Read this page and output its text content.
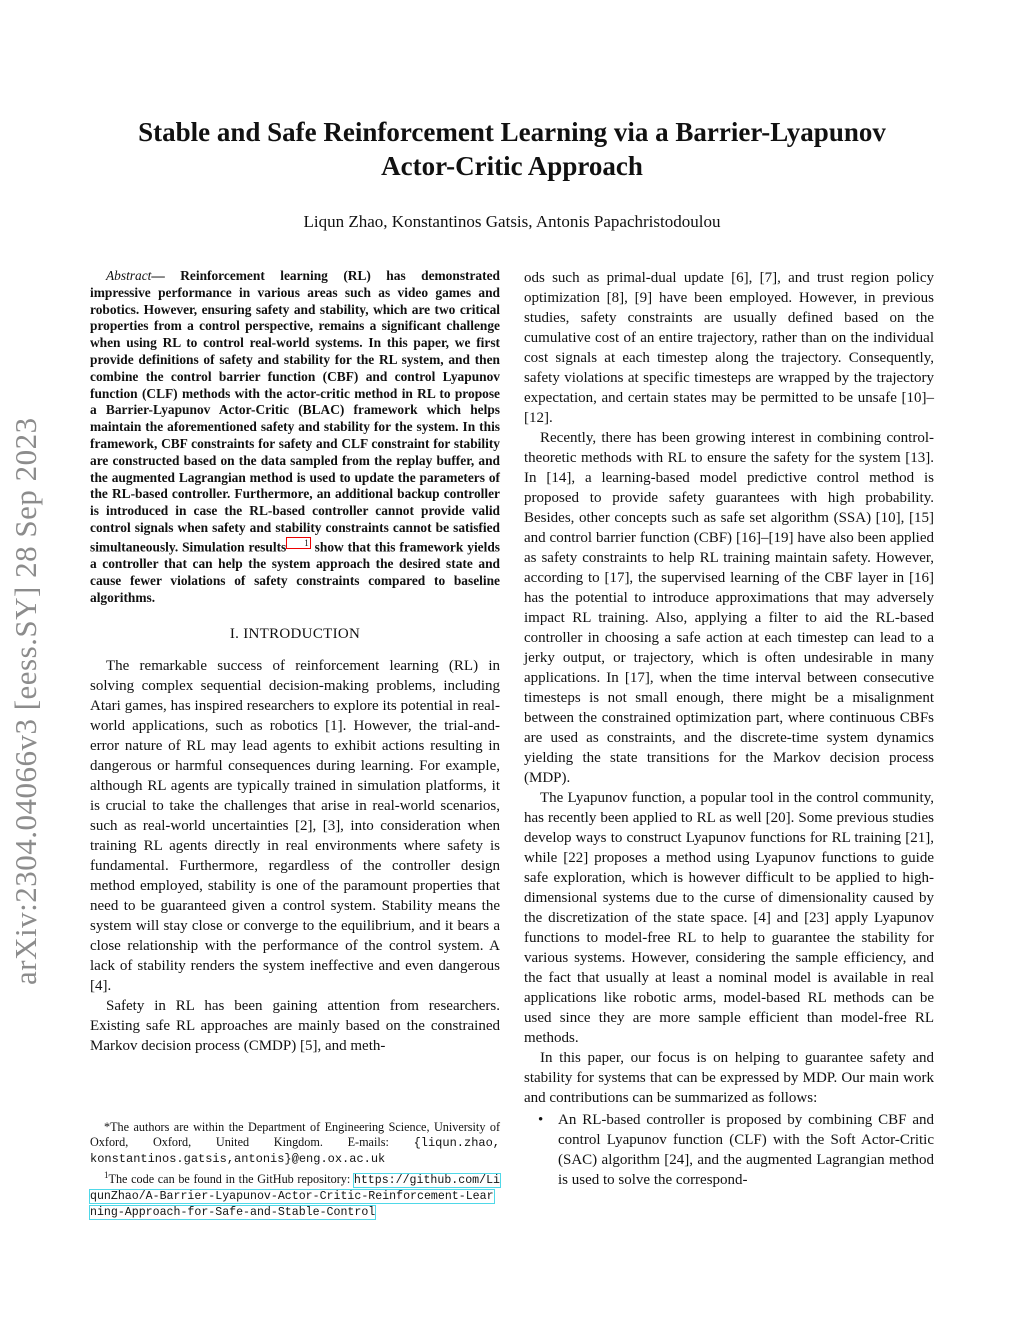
arXiv:2304.04066v3 [eess.SY] 28 Sep 2023
Stable and Safe Reinforcement Learning via a Barrier-Lyapunov
Actor-Critic Approach
Liqun Zhao, Konstantinos Gatsis, Antonis Papachristodoulou

Abstract— Reinforcement learning (RL) has demonstrated impressive performance in various areas such as video games and robotics. However, ensuring safety and stability, which are two critical properties from a control perspective, remains a significant challenge when using RL to control real-world systems. In this paper, we first provide definitions of safety and stability for the RL system, and then combine the control barrier function (CBF) and control Lyapunov function (CLF) methods with the actor-critic method in RL to propose a Barrier-Lyapunov Actor-Critic (BLAC) framework which helps maintain the aforementioned safety and stability for the system. In this framework, CBF constraints for safety and CLF constraint for stability are constructed based on the data sampled from the replay buffer, and the augmented Lagrangian method is used to update the parameters of the RL-based controller. Furthermore, an additional backup controller is introduced in case the RL-based controller cannot provide valid control signals when safety and stability constraints cannot be satisfied simultaneously. Simulation results 1 show that this framework yields a controller that can help the system approach the desired state and cause fewer violations of safety constraints compared to baseline algorithms.

I. INTRODUCTION

The remarkable success of reinforcement learning (RL) in solving complex sequential decision-making problems, including Atari games, has inspired researchers to explore its potential in real-world applications, such as robotics [1]. However, the trial-and-error nature of RL may lead agents to exhibit actions resulting in dangerous or harmful consequences during learning. For example, although RL agents are typically trained in simulation platforms, it is crucial to take the challenges that arise in real-world scenarios, such as real-world uncertainties [2], [3], into consideration when training RL agents directly in real environments where safety is fundamental. Furthermore, regardless of the controller design method employed, stability is one of the paramount properties that need to be guaranteed given a control system. Stability means the system will stay close or converge to the equilibrium, and it bears a close relationship with the performance of the control system. A lack of stability renders the system ineffective and even dangerous [4].

Safety in RL has been gaining attention from researchers. Existing safe RL approaches are mainly based on the constrained Markov decision process (CMDP) [5], and meth-

*The authors are within the Department of Engineering Science, University of Oxford, Oxford, United Kingdom. E-mails: {liqun.zhao, konstantinos.gatsis,antonis}@eng.ox.ac.uk

$^1$The code can be found in the GitHub repository: https://github.com/LiqunZhao/A-Barrier-Lyapunov-Actor-Critic-Reinforcement-Learning-Approach-for-Safe-and-Stable-Control

ods such as primal-dual update [6], [7], and trust region policy optimization [8], [9] have been employed. However, in previous studies, safety constraints are usually defined based on the cumulative cost of an entire trajectory, rather than on the individual cost signals at each timestep along the trajectory. Consequently, safety violations at specific timesteps are wrapped by the trajectory expectation, and certain states may be permitted to be unsafe [10]–[12].

Recently, there has been growing interest in combining control-theoretic methods with RL to ensure the safety for the system [13]. In [14], a learning-based model predictive control method is proposed to provide safety guarantees with high probability. Besides, other concepts such as safe set algorithm (SSA) [10], [15] and control barrier function (CBF) [16]–[19] have also been applied as safety constraints to help RL training maintain safety. However, according to [17], the supervised learning of the CBF layer in [16] has the potential to introduce approximations that may adversely impact RL training. Also, applying a filter to aid the RL-based controller in choosing a safe action at each timestep can lead to a jerky output, or trajectory, which is often undesirable in many applications. In [17], when the time interval between consecutive timesteps is not small enough, there might be a misalignment between the constrained optimization part, where continuous CBFs are used as constraints, and the discrete-time system dynamics yielding the state transitions for the Markov decision process (MDP).

The Lyapunov function, a popular tool in the control community, has recently been applied to RL as well [20]. Some previous studies develop ways to construct Lyapunov functions for RL training [21], while [22] proposes a method using Lyapunov functions to guide safe exploration, which is however difficult to be applied to high-dimensional systems due to the curse of dimensionality caused by the discretization of the state space. [4] and [23] apply Lyapunov functions to model-free RL to help to guarantee the stability for various systems. However, considering the sample efficiency, and the fact that usually at least a nominal model is available in real applications like robotic arms, model-based RL methods can be used since they are more sample efficient than model-free RL methods.

In this paper, our focus is on helping to guarantee safety and stability for systems that can be expressed by MDP. Our main work and contributions can be summarized as follows:

• An RL-based controller is proposed by combining CBF and control Lyapunov function (CLF) with the Soft Actor-Critic (SAC) algorithm [24], and the augmented Lagrangian method is used to solve the correspond-
